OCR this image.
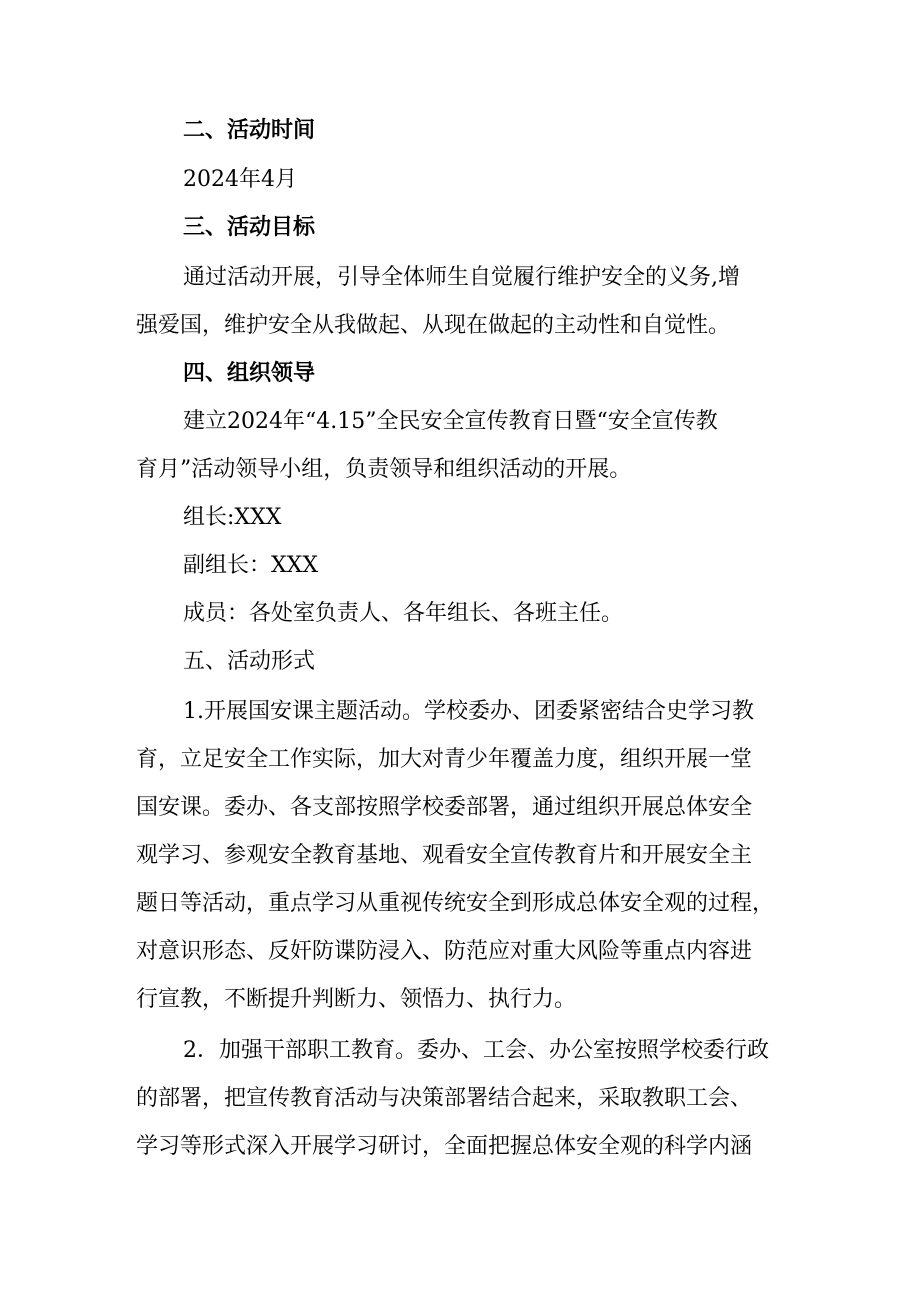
二、活动时间

2024年4月

三、活动目标

通过活动开展，引导全体师生自觉履行维护安全的义务,增

强爱国，维护安全从我做起、从现在做起的主动性和自觉性。

四、组织领导

建立2024年“4.15”全民安全宣传教育日暨“安全宣传教

育月”活动领导小组，负责领导和组织活动的开展。

组长:XXX

副组长：XXX

成员：各处室负责人、各年组长、各班主任。

五、活动形式

1.开展国安课主题活动。学校委办、团委紧密结合史学习教

育，立足安全工作实际，加大对青少年覆盖力度，组织开展一堂

国安课。委办、各支部按照学校委部署，通过组织开展总体安全

观学习、参观安全教育基地、观看安全宣传教育片和开展安全主

题日等活动，重点学习从重视传统安全到形成总体安全观的过程，

对意识形态、反奸防谍防浸入、防范应对重大风险等重点内容进

行宣教，不断提升判断力、领悟力、执行力。

2．加强干部职工教育。委办、工会、办公室按照学校委行政

的部署，把宣传教育活动与决策部署结合起来，采取教职工会、

学习等形式深入开展学习研讨，全面把握总体安全观的科学内涵
